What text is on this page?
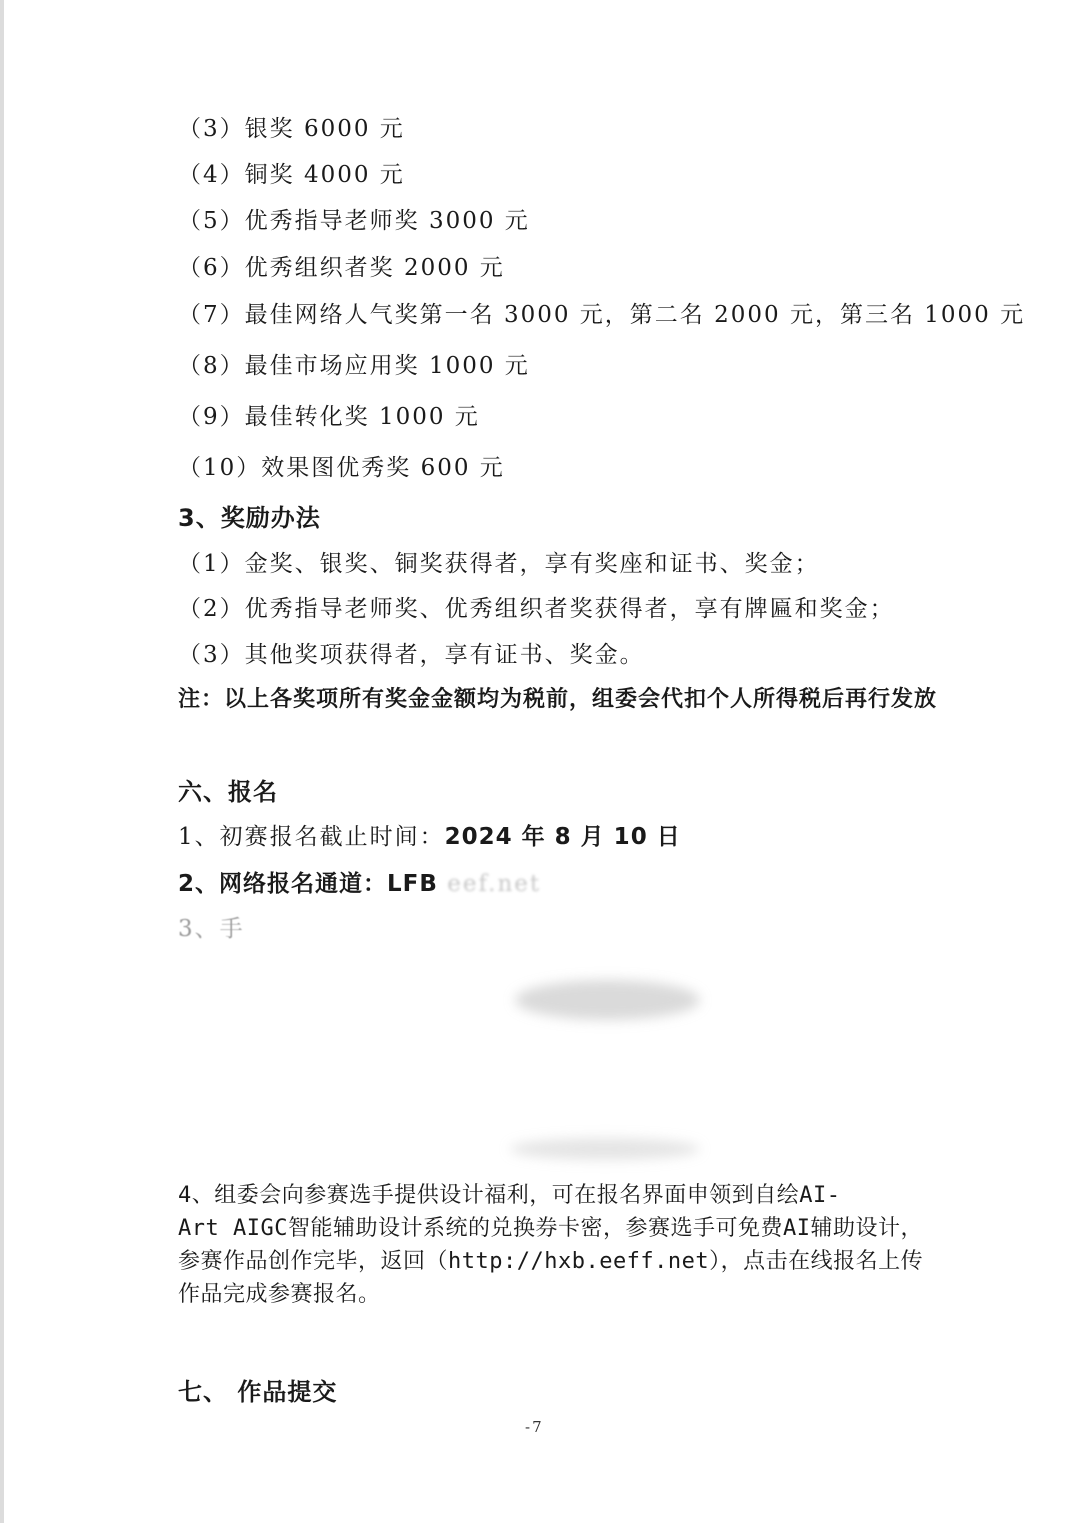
（3）银奖 6000 元
（4）铜奖 4000 元
（5）优秀指导老师奖 3000 元
（6）优秀组织者奖 2000 元
（7）最佳网络人气奖第一名 3000 元，第二名 2000 元，第三名 1000 元
（8）最佳市场应用奖 1000 元
（9）最佳转化奖 1000 元
（10）效果图优秀奖 600 元
3、奖励办法
（1）金奖、银奖、铜奖获得者，享有奖座和证书、奖金；
（2）优秀指导老师奖、优秀组织者奖获得者，享有牌匾和奖金；
（3）其他奖项获得者，享有证书、奖金。
注：以上各奖项所有奖金金额均为税前，组委会代扣个人所得税后再行发放
六、报名
1、初赛报名截止时间：2024 年 8 月 10 日
2、网络报名通道：LFB eef.net
3、手
4、组委会向参赛选手提供设计福利，可在报名界面申领到自绘AI-
Art AIGC智能辅助设计系统的兑换券卡密，参赛选手可免费AI辅助设计，
参赛作品创作完毕，返回（http://hxb.eeff.net），点击在线报名上传
作品完成参赛报名。
七、 作品提交
-7
